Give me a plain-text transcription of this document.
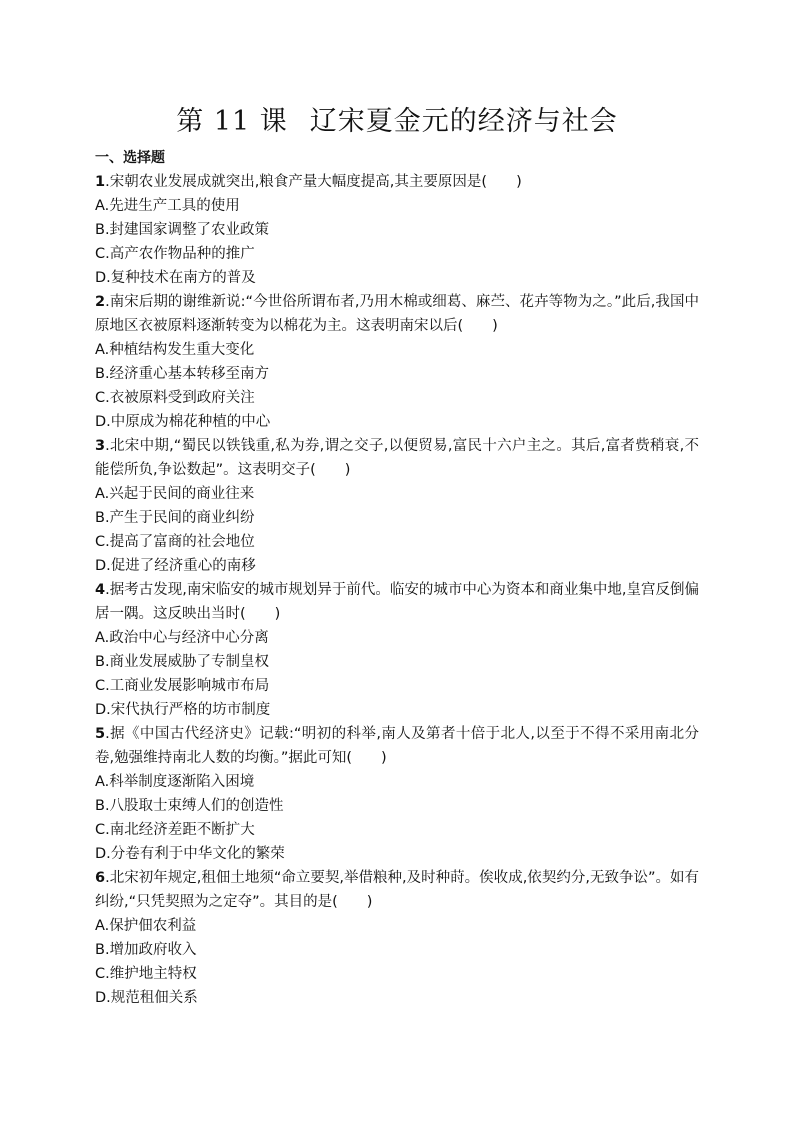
第 11 课 辽宋夏金元的经济与社会
一、选择题
1.宋朝农业发展成就突出,粮食产量大幅度提高,其主要原因是(　　)
A.先进生产工具的使用
B.封建国家调整了农业政策
C.高产农作物品种的推广
D.复种技术在南方的普及
2.南宋后期的谢维新说:“今世俗所谓布者,乃用木棉或细葛、麻苎、花卉等物为之。”此后,我国中原地区衣被原料逐渐转变为以棉花为主。这表明南宋以后(　　)
A.种植结构发生重大变化
B.经济重心基本转移至南方
C.衣被原料受到政府关注
D.中原成为棉花种植的中心
3.北宋中期,“蜀民以铁钱重,私为券,谓之交子,以便贸易,富民十六户主之。其后,富者赀稍衰,不能偿所负,争讼数起”。这表明交子(　　)
A.兴起于民间的商业往来
B.产生于民间的商业纠纷
C.提高了富商的社会地位
D.促进了经济重心的南移
4.据考古发现,南宋临安的城市规划异于前代。临安的城市中心为资本和商业集中地,皇宫反倒偏居一隅。这反映出当时(　　)
A.政治中心与经济中心分离
B.商业发展威胁了专制皇权
C.工商业发展影响城市布局
D.宋代执行严格的坊市制度
5.据《中国古代经济史》记载:“明初的科举,南人及第者十倍于北人,以至于不得不采用南北分卷,勉强维持南北人数的均衡。”据此可知(　　)
A.科举制度逐渐陷入困境
B.八股取士束缚人们的创造性
C.南北经济差距不断扩大
D.分卷有利于中华文化的繁荣
6.北宋初年规定,租佃土地须“命立要契,举借粮种,及时种莳。俟收成,依契约分,无致争讼”。如有纠纷,“只凭契照为之定夺”。其目的是(　　)
A.保护佃农利益
B.增加政府收入
C.维护地主特权
D.规范租佃关系
